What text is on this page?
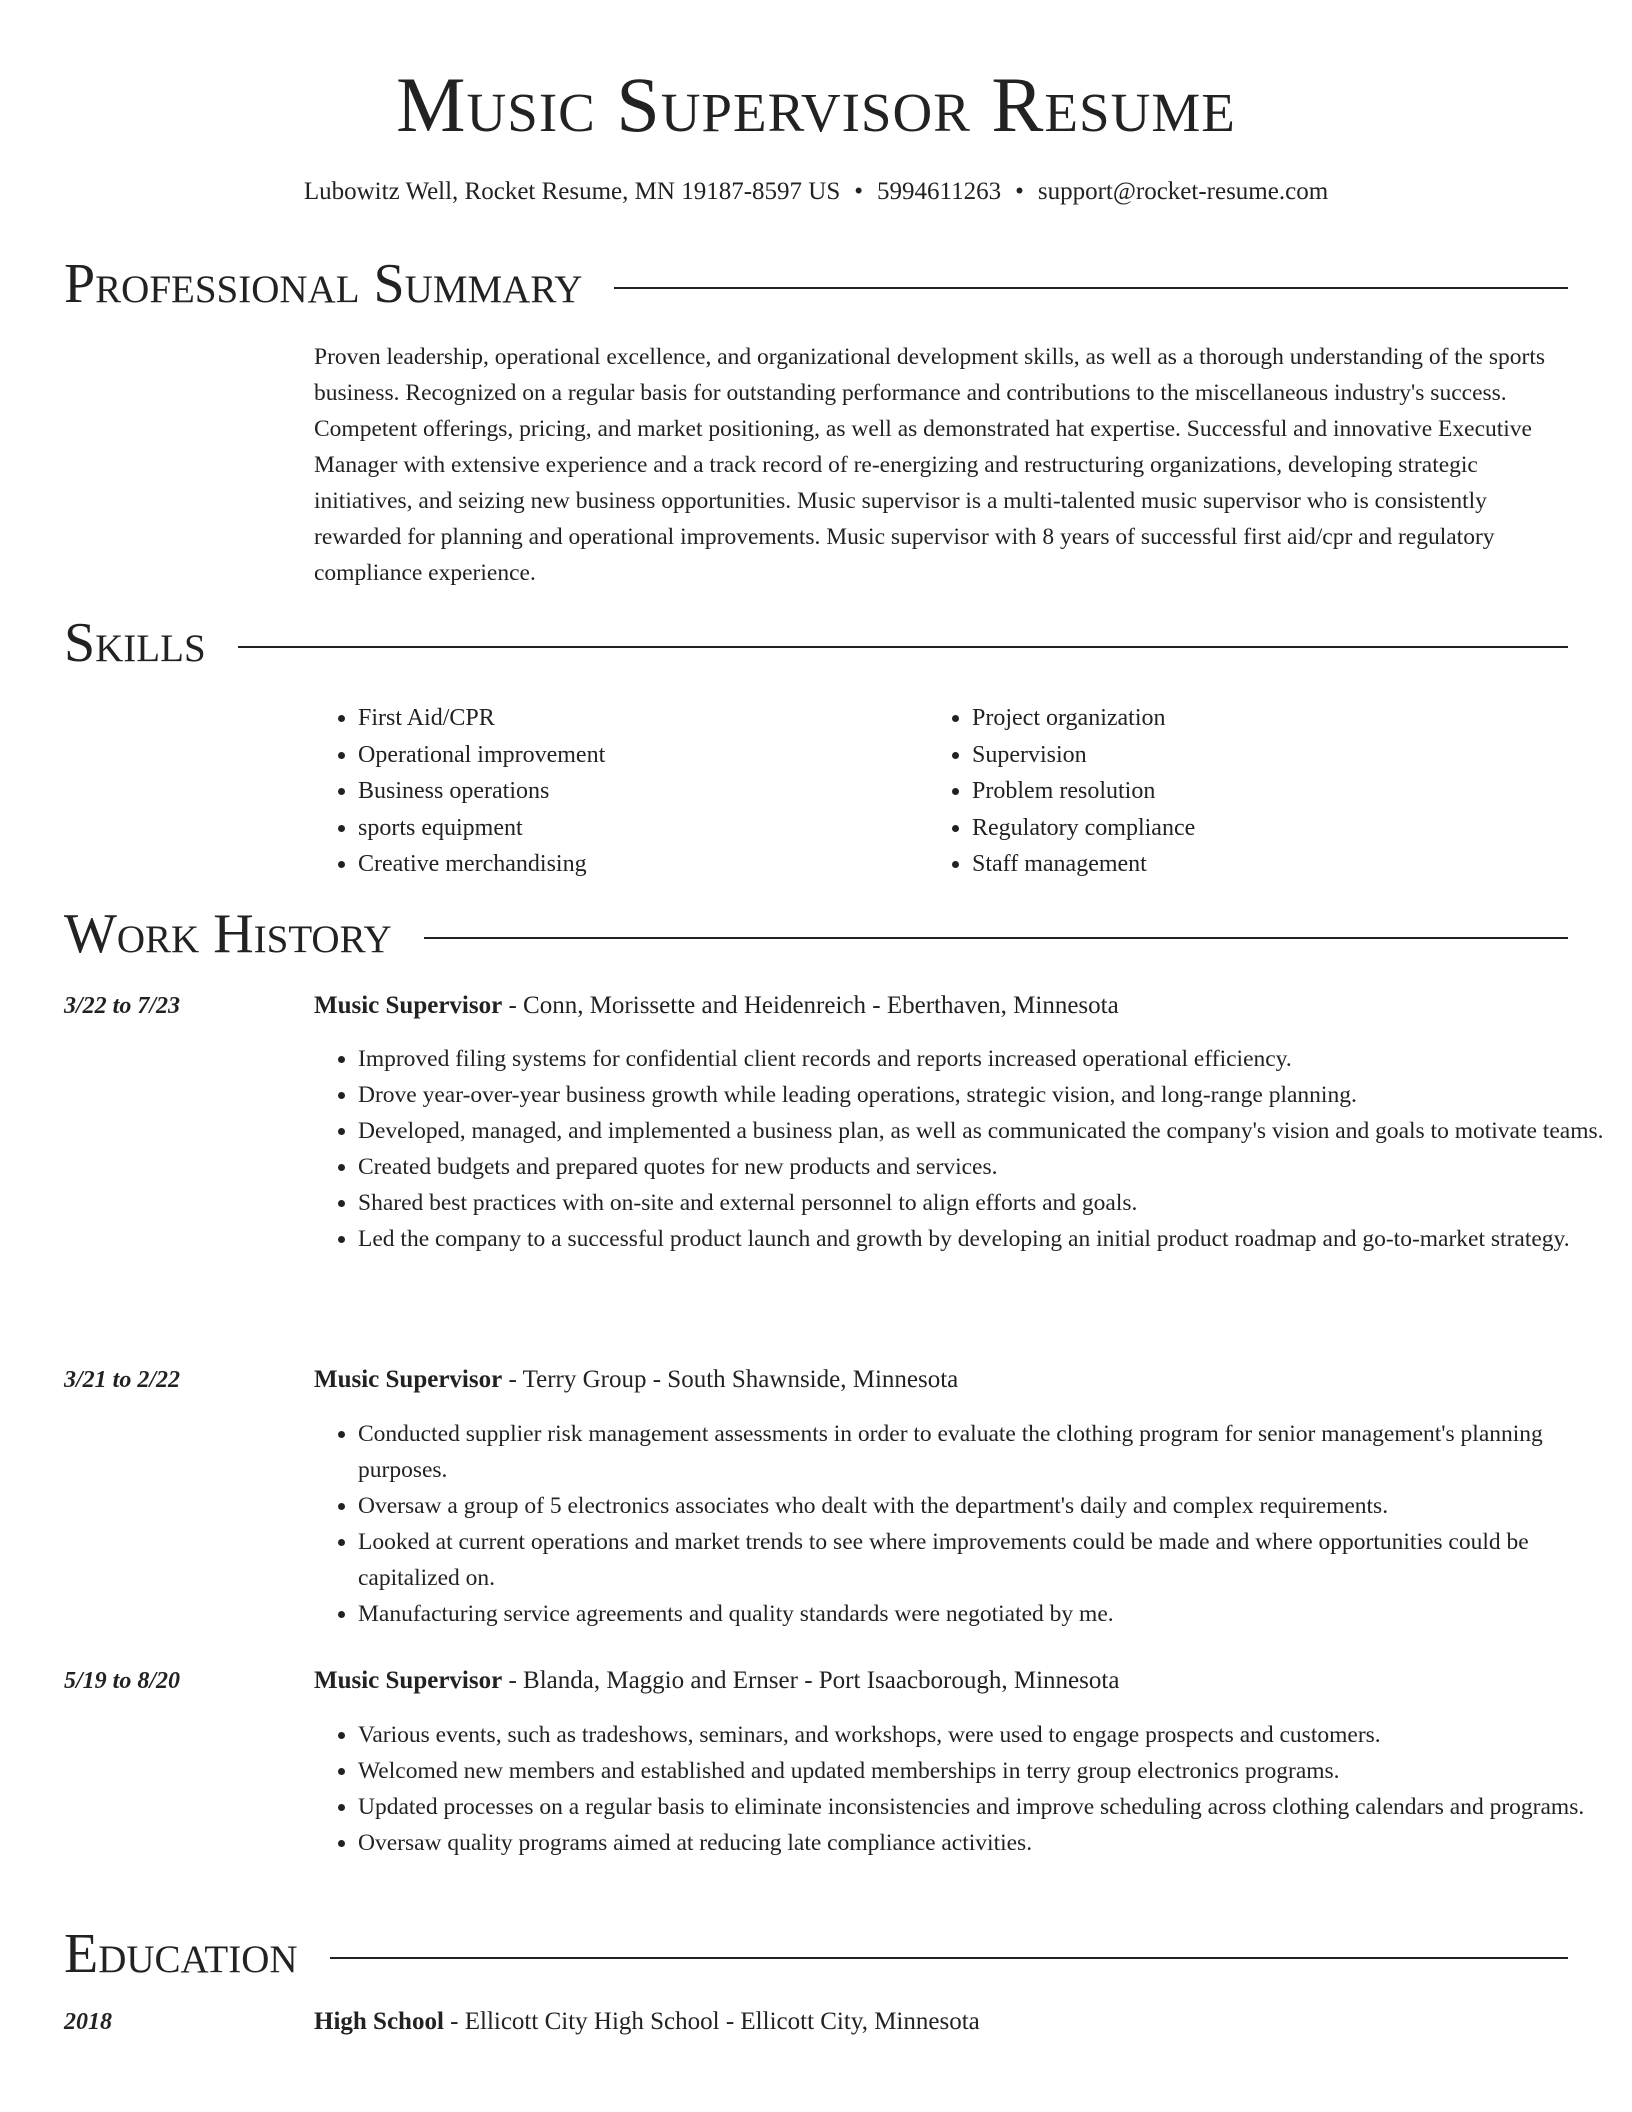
Music Supervisor Resume
Lubowitz Well, Rocket Resume, MN 19187-8597 US • 5994611263 • support@rocket-resume.com
Professional Summary

Proven leadership, operational excellence, and organizational development skills, as well as a thorough understanding of the sports business. Recognized on a regular basis for outstanding performance and contributions to the miscellaneous industry's success. Competent offerings, pricing, and market positioning, as well as demonstrated hat expertise. Successful and innovative Executive Manager with extensive experience and a track record of re-energizing and restructuring organizations, developing strategic initiatives, and seizing new business opportunities. Music supervisor is a multi-talented music supervisor who is consistently rewarded for planning and operational improvements. Music supervisor with 8 years of successful first aid/cpr and regulatory compliance experience.

Skills
• First Aid/CPR
• Operational improvement
• Business operations
• sports equipment
• Creative merchandising
• Project organization
• Supervision
• Problem resolution
• Regulatory compliance
• Staff management
Work History
3/22 to 7/23	Music Supervisor - Conn, Morissette and Heidenreich - Eberthaven, Minnesota
• Improved filing systems for confidential client records and reports increased operational efficiency.
• Drove year-over-year business growth while leading operations, strategic vision, and long-range planning.
• Developed, managed, and implemented a business plan, as well as communicated the company's vision and goals to motivate teams.
• Created budgets and prepared quotes for new products and services.
• Shared best practices with on-site and external personnel to align efforts and goals.
• Led the company to a successful product launch and growth by developing an initial product roadmap and go-to-market strategy.
3/21 to 2/22	Music Supervisor - Terry Group - South Shawnside, Minnesota
• Conducted supplier risk management assessments in order to evaluate the clothing program for senior management's planning purposes.
• Oversaw a group of 5 electronics associates who dealt with the department's daily and complex requirements.
• Looked at current operations and market trends to see where improvements could be made and where opportunities could be capitalized on.
• Manufacturing service agreements and quality standards were negotiated by me.
5/19 to 8/20	Music Supervisor - Blanda, Maggio and Ernser - Port Isaacborough, Minnesota
• Various events, such as tradeshows, seminars, and workshops, were used to engage prospects and customers.
• Welcomed new members and established and updated memberships in terry group electronics programs.
• Updated processes on a regular basis to eliminate inconsistencies and improve scheduling across clothing calendars and programs.
• Oversaw quality programs aimed at reducing late compliance activities.
Education
2018	High School - Ellicott City High School - Ellicott City, Minnesota
